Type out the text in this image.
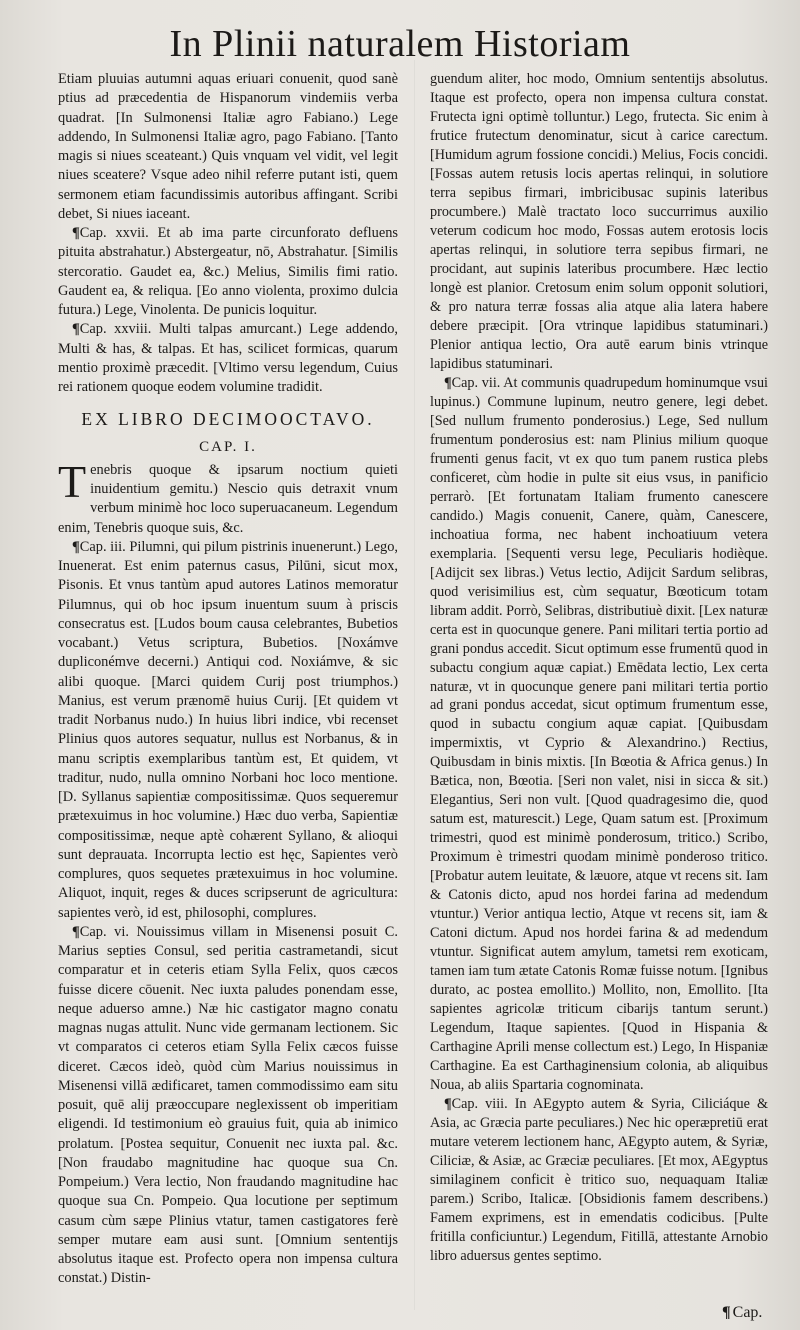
In Plinii naturalem Historiam

Etiam pluuias autumni aquas eriuari conuenit, quod sanè ptius ad præcedentia de Hispanorum vindemiis verba quadrat. [In Sulmonensi Italiæ agro Fabiano.) Lege addendo, In Sulmonensi Italiæ agro, pago Fabiano. [Tanto magis si niues sceateant.) Quis vnquam vel vidit, vel legit niues sceatere? Vsque adeo nihil referre putant isti, quem sermonem etiam facundissimis autoribus affingant. Scribi debet, Si niues iaceant.

¶ Cap. xxvii. Et ab ima parte circunforato defluens pituita abstrahatur.) Abstergeatur, nō, Abstrahatur. [Similis stercoratio. Gaudet ea, &c.) Melius, Similis fimi ratio. Gaudent ea, & reliqua. [Eo anno violenta, proximo dulcia futura.) Lege, Vinolenta. De punicis loquitur.

¶ Cap. xxviii. Multi talpas amurcant.) Lege addendo, Multi & has, & talpas. Et has, scilicet formicas, quarum mentio proximè præcedit. [Vltimo versu legendum, Cuius rei rationem quoque eodem volumine tradidit.

EX LIBRO DECIMOOCTAVO.
CAP. I.

Tenebris quoque & ipsarum noctium quieti inuidentium gemitu.) Nescio quis detraxit vnum verbum minimè hoc loco superuacaneum. Legendum enim, Tenebris quoque suis, &c.

¶ Cap. iii. Pilumni, qui pilum pistrinis inuenerunt.) Lego, Inuenerat. Est enim paternus casus, Pilūni, sicut mox, Pisonis. Et vnus tantùm apud autores Latinos memoratur Pilumnus, qui ob hoc ipsum inuentum suum à priscis consecratus est. [Ludos boum causa celebrantes, Bubetios vocabant.) Vetus scriptura, Bubetios. [Noxámve dupliconémve decerni.) Antiqui cod. Noxiámve, & sic alibi quoque. [Marci quidem Curij post triumphos.) Manius, est verum prænomē huius Curij. [Et quidem vt tradit Norbanus nudo.) In huius libri indice, vbi recenset Plinius quos autores sequatur, nullus est Norbanus, & in manu scriptis exemplaribus tantùm est, Et quidem, vt traditur, nudo, nulla omnino Norbani hoc loco mentione. [D. Syllanus sapientiæ compositissimæ. Quos sequeremur prætexuimus in hoc volumine.) Hæc duo verba, Sapientiæ compositissimæ, neque aptè cohærent Syllano, & alioqui sunt deprauata. Incorrupta lectio est hęc, Sapientes verò complures, quos sequetes prætexuimus in hoc volumine. Aliquot, inquit, reges & duces scripserunt de agricultura: sapientes verò, id est, philosophi, complures.

¶ Cap. vi. Nouissimus villam in Misenensi posuit C. Marius septies Consul, sed peritia castrametandi, sicut comparatur et in ceteris etiam Sylla Felix, quos cæcos fuisse dicere cōuenit. Nec iuxta paludes ponendam esse, neque aduerso amne.) Næ hic castigator magno conatu magnas nugas attulit. Nunc vide germanam lectionem. Sic vt comparatos ci ceteros etiam Sylla Felix cæcos fuisse diceret. Cæcos ideò, quòd cùm Marius nouissimus in Misenensi villā ædificaret, tamen commodissimo eam situ posuit, quē alij præoccupare neglexissent ob imperitiam eligendi. Id testimonium eò grauius fuit, quia ab inimico prolatum. [Postea sequitur, Conuenit nec iuxta pal. &c. [Non fraudabo magnitudine hac quoque sua Cn. Pompeium.) Vera lectio, Non fraudando magnitudine hac quoque sua Cn. Pompeio. Qua locutione per septimum casum cùm sæpe Plinius vtatur, tamen castigatores ferè semper mutare eam ausi sunt. [Omnium sententijs absolutus itaque est. Profecto opera non impensa cultura constat.) Distin-

guendum aliter, hoc modo, Omnium sententijs absolutus. Itaque est profecto, opera non impensa cultura constat. Frutecta igni optimè tolluntur.) Lego, frutecta. Sic enim à frutice frutectum denominatur, sicut à carice carectum. [Humidum agrum fossione concidi.) Melius, Focis concidi. [Fossas autem retusis locis apertas relinqui, in solutiore terra sepibus firmari, imbricibusac supinis lateribus procumbere.) Malè tractato loco succurrimus auxilio veterum codicum hoc modo, Fossas autem erotosis locis apertas relinqui, in solutiore terra sepibus firmari, ne procidant, aut supinis lateribus procumbere. Hæc lectio longè est planior. Cretosum enim solum opponit solutiori, & pro natura terræ fossas alia atque alia latera habere debere præcipit. [Ora vtrinque lapidibus statuminari.) Plenior antiqua lectio, Ora autē earum binis vtrinque lapidibus statuminari.

¶ Cap. vii. At communis quadrupedum hominumque vsui lupinus.) Commune lupinum, neutro genere, legi debet. [Sed nullum frumento ponderosius.) Lege, Sed nullum frumentum ponderosius est: nam Plinius milium quoque frumenti genus facit, vt ex quo tum panem rustica plebs conficeret, cùm hodie in pulte sit eius vsus, in panificio perrarò. [Et fortunatam Italiam frumento canescere candido.) Magis conuenit, Canere, quàm, Canescere, inchoatiua forma, nec habent inchoatiuum vetera exemplaria. [Sequenti versu lege, Peculiaris hodièque. [Adijcit sex libras.) Vetus lectio, Adijcit Sardum selibras, quod verisimilius est, cùm sequatur, Bœoticum totam libram addit. Porrò, Selibras, distributiuè dixit. [Lex naturæ certa est in quocunque genere. Pani militari tertia portio ad grani pondus accedit. Sicut optimum esse frumentū quod in subactu congium aquæ capiat.) Emēdata lectio, Lex certa naturæ, vt in quocunque genere pani militari tertia portio ad grani pondus accedat, sicut optimum frumentum esse, quod in subactu congium aquæ capiat. [Quibusdam impermixtis, vt Cyprio & Alexandrino.) Rectius, Quibusdam in binis mixtis. [In Bœotia & Africa genus.) In Bætica, non, Bœotia. [Seri non valet, nisi in sicca & sit.) Elegantius, Seri non vult. [Quod quadragesimo die, quod satum est, maturescit.) Lege, Quam satum est. [Proximum trimestri, quod est minimè ponderosum, tritico.) Scribo, Proximum è trimestri quodam minimè ponderoso tritico. [Probatur autem leuitate, & læuore, atque vt recens sit. Iam & Catonis dicto, apud nos hordei farina ad medendum vtuntur.) Verior antiqua lectio, Atque vt recens sit, iam & Catoni dictum. Apud nos hordei farina & ad medendum vtuntur. Significat autem amylum, tametsi rem exoticam, tamen iam tum ætate Catonis Romæ fuisse notum. [Ignibus durato, ac postea emollito.) Mollito, non, Emollito. [Ita sapientes agricolæ triticum cibarijs tantum serunt.) Legendum, Itaque sapientes. [Quod in Hispania & Carthagine Aprili mense collectum est.) Lego, In Hispaniæ Carthagine. Ea est Carthaginensium colonia, ab aliquibus Noua, ab aliis Spartaria cognominata.

¶ Cap. viii. In AEgypto autem & Syria, Ciliciáque & Asia, ac Græcia parte peculiares.) Nec hic operæpretiū erat mutare veterem lectionem hanc, AEgypto autem, & Syriæ, Ciliciæ, & Asiæ, ac Græciæ peculiares. [Et mox, AEgyptus similaginem conficit è tritico suo, nequaquam Italiæ parem.) Scribo, Italicæ. [Obsidionis famem describens.) Famem exprimens, est in emendatis codicibus. [Pulte fritilla conficiuntur.) Legendum, Fitillā, attestante Arnobio libro aduersus gentes septimo.

¶ Cap.
